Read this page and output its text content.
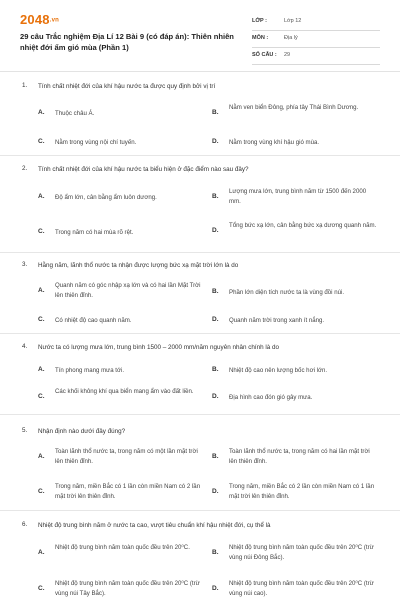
2048.vn
29 câu Trắc nghiệm Địa Lí 12 Bài 9 (có đáp án): Thiên nhiên nhiệt đới ẩm gió mùa (Phần 1)
LỚP :	Lớp 12
MÔN :	Địa lý
SỐ CÂU : 29
1. Tính chất nhiệt đới của khí hậu nước ta được quy định bởi vị trí
A. Thuộc châu Á.	B.
Nằm ven biển Đông, phía tây Thái Bình Dương.
C. Nằm trong vùng nội chí tuyến.	D. Nằm trong vùng khí hậu gió mùa.
2. Tính chất nhiệt đới của khí hậu nước ta biểu hiện ở đặc điểm nào sau đây?
A. Độ ẩm lớn, cân bằng ẩm luôn dương.	B.
Lượng mưa lớn, trung bình năm từ 1500 đến 2000 mm.
C. Trong năm có hai mùa rõ rệt.	D.
Tổng bức xạ lớn, cân bằng bức xạ dương quanh năm.
3. Hằng năm, lãnh thổ nước ta nhận được lượng bức xạ mặt trời lớn là do
A.
Quanh năm có góc nhập xạ lớn và có hai lần Mặt Trời lên thiên đỉnh.
B. Phần lớn diện tích nước ta là vùng đồi núi.
C. Có nhiệt độ cao quanh năm.	D. Quanh năm trời trong xanh ít nắng.
4. Nước ta có lượng mưa lớn, trung bình 1500 – 2000 mm/năm nguyên nhân chính là do
A. Tín phong mang mưa tới.	B. Nhiệt độ cao nên lượng bốc hơi lớn.
C.
Các khối không khí qua biển mang ẩm vào đất liền.
D. Địa hình cao đón gió gây mưa.
5. Nhận định nào dưới đây đúng?
A.
Toàn lãnh thổ nước ta, trong năm có một lần mặt trời lên thiên đỉnh.
B.
Toàn lãnh thổ nước ta, trong năm có hai lần mặt trời lên thiên đỉnh.
C.
Trong năm, miền Bắc có 1 lần còn miền Nam có 2 lần mặt trời lên thiên đỉnh.
D.
Trong năm, miền Bắc có 2 lần còn miền Nam có 1 lần mặt trời lên thiên đỉnh.
6. Nhiệt độ trung bình năm ở nước ta cao, vượt tiêu chuẩn khí hậu nhiệt đới, cụ thể là
A.
Nhiệt độ trung bình năm toàn quốc đều trên 20⁰C.
B.
Nhiệt độ trung bình năm toàn quốc đều trên 20⁰C (trừ vùng núi Đông Bắc).
C.
Nhiệt độ trung bình năm toàn quốc đều trên 20⁰C (trừ vùng núi Tây Bắc).
D.
Nhiệt độ trung bình năm toàn quốc đều trên 20⁰C (trừ vùng núi cao).
